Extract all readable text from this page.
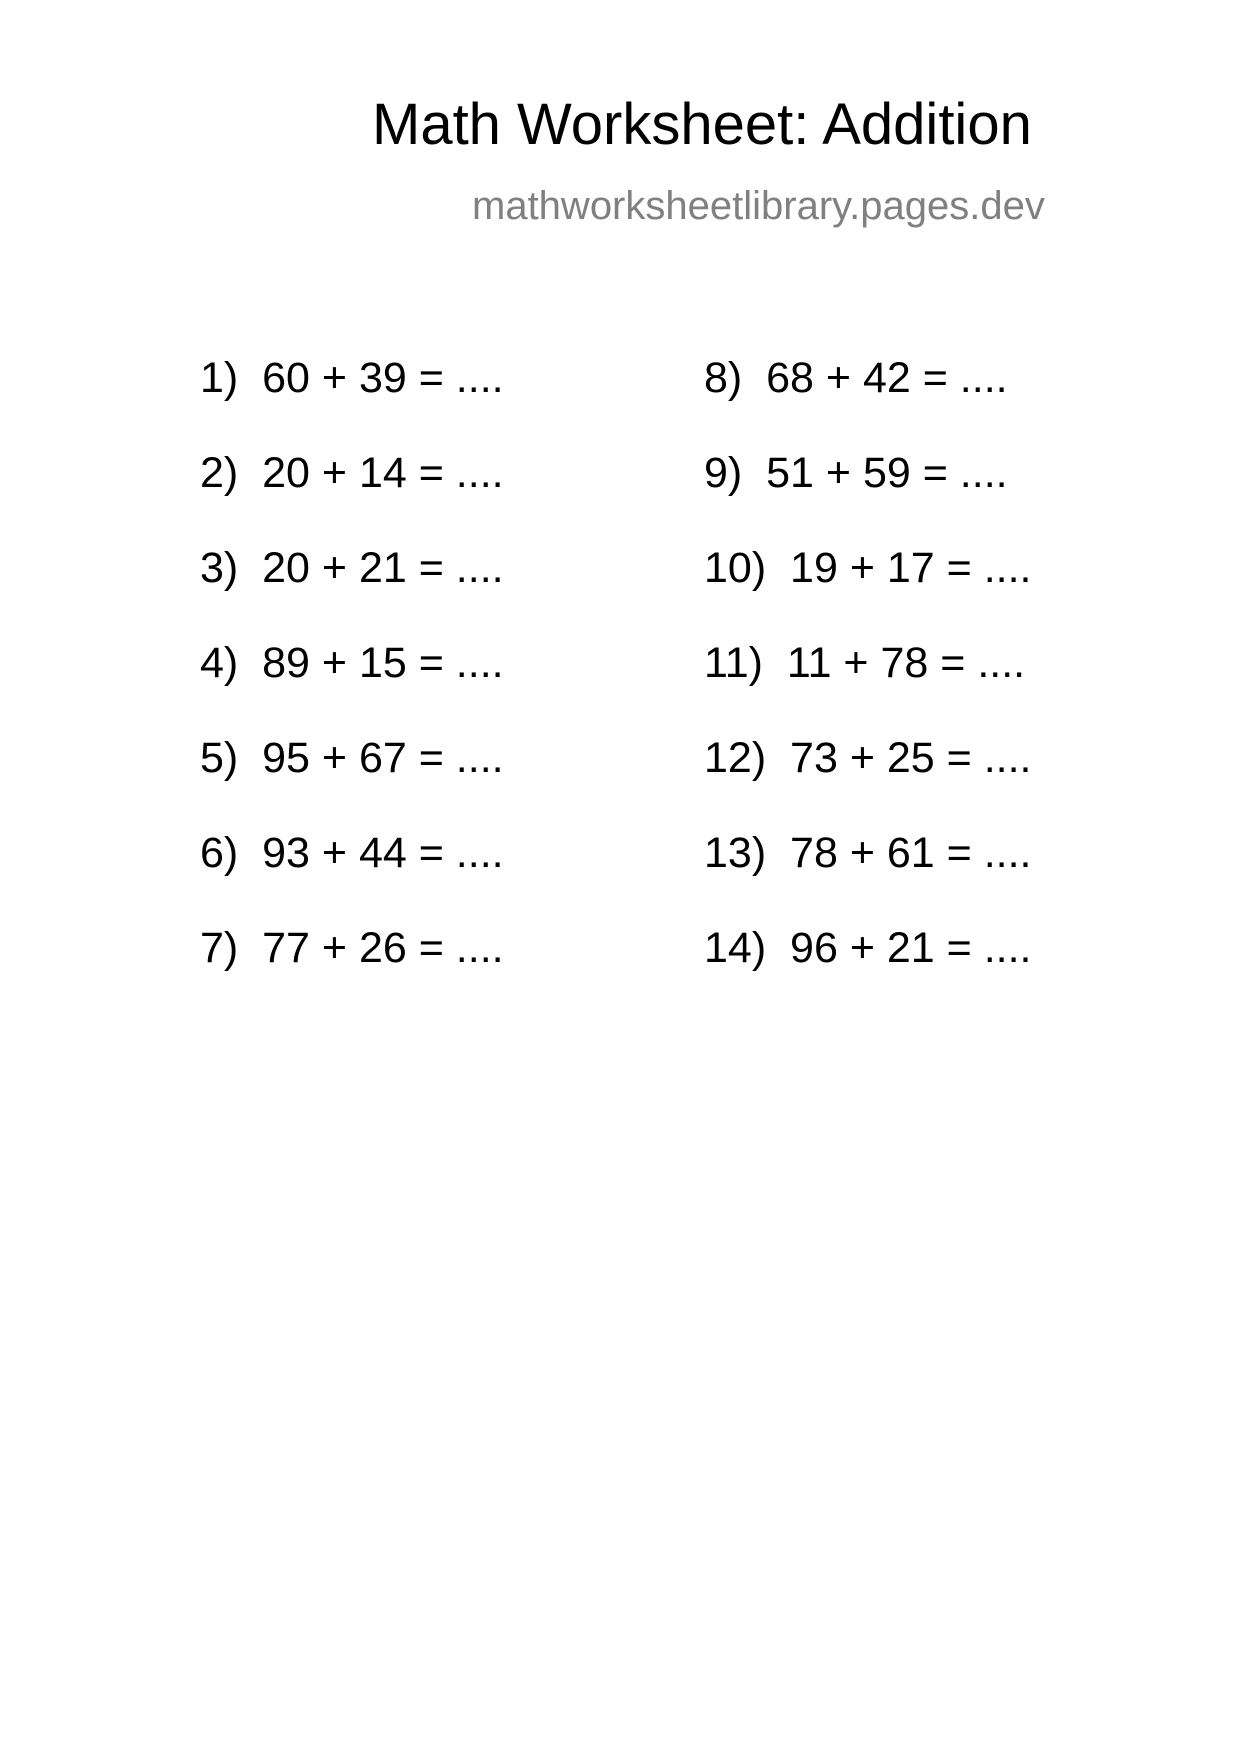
Math Worksheet: Addition
mathworksheetlibrary.pages.dev
1)  60 + 39 = ....
2)  20 + 14 = ....
3)  20 + 21 = ....
4)  89 + 15 = ....
5)  95 + 67 = ....
6)  93 + 44 = ....
7)  77 + 26 = ....
8)  68 + 42 = ....
9)  51 + 59 = ....
10)  19 + 17 = ....
11)  11 + 78 = ....
12)  73 + 25 = ....
13)  78 + 61 = ....
14)  96 + 21 = ....
